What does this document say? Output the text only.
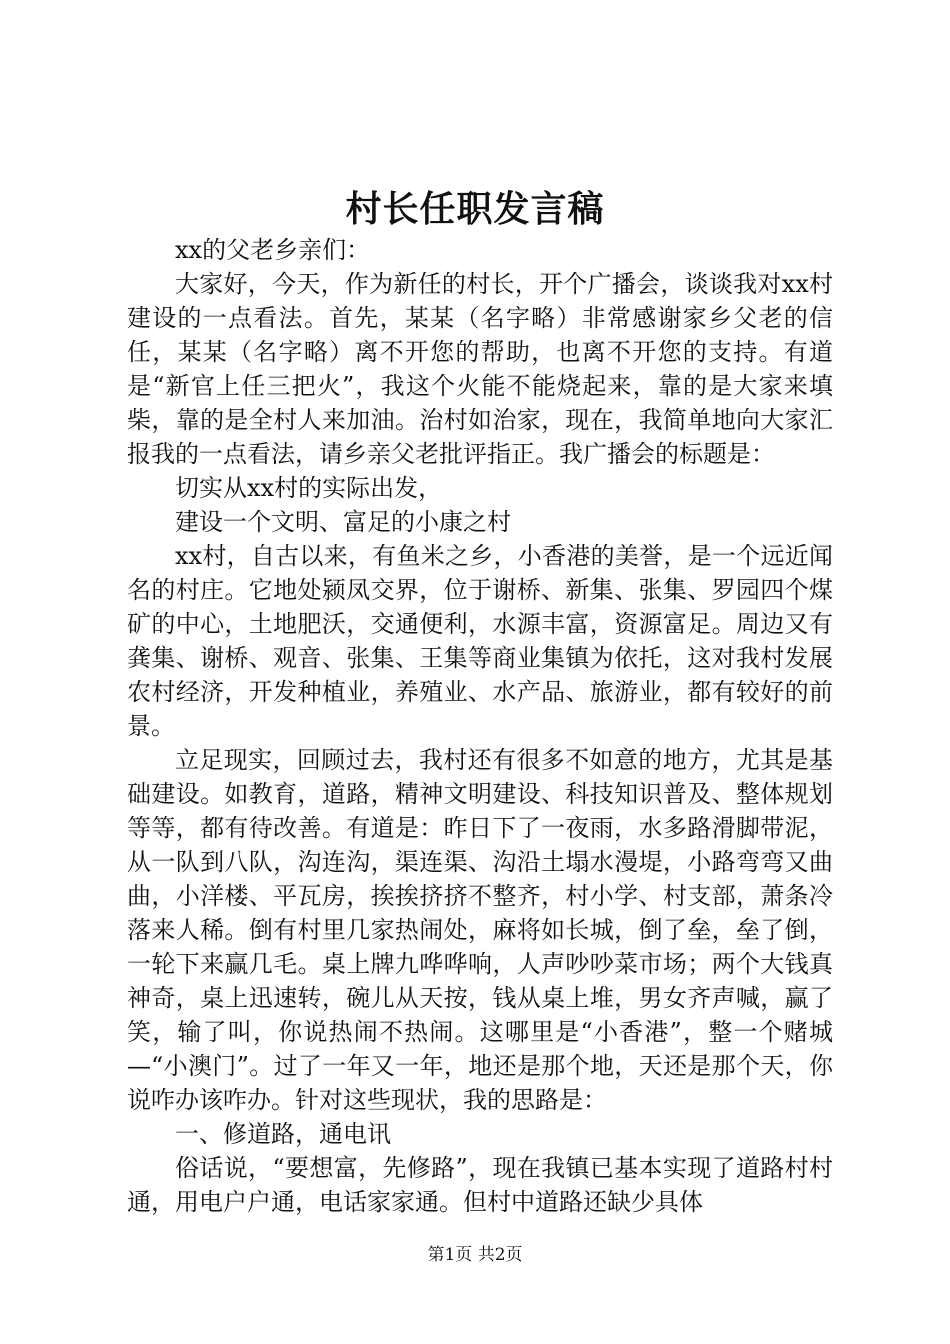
村长任职发言稿

xx的父老乡亲们：

大家好，今天，作为新任的村长，开个广播会，谈谈我对xx村建设的一点看法。首先，某某（名字略）非常感谢家乡父老的信任，某某（名字略）离不开您的帮助，也离不开您的支持。有道是“新官上任三把火”，我这个火能不能烧起来，靠的是大家来填柴，靠的是全村人来加油。治村如治家，现在，我简单地向大家汇报我的一点看法，请乡亲父老批评指正。我广播会的标题是：

切实从xx村的实际出发，

建设一个文明、富足的小康之村

xx村，自古以来，有鱼米之乡，小香港的美誉，是一个远近闻名的村庄。它地处颍凤交界，位于谢桥、新集、张集、罗园四个煤矿的中心，土地肥沃，交通便利，水源丰富，资源富足。周边又有龚集、谢桥、观音、张集、王集等商业集镇为依托，这对我村发展农村经济，开发种植业，养殖业、水产品、旅游业，都有较好的前景。

立足现实，回顾过去，我村还有很多不如意的地方，尤其是基础建设。如教育，道路，精神文明建设、科技知识普及、整体规划等等，都有待改善。有道是：昨日下了一夜雨，水多路滑脚带泥，从一队到八队，沟连沟，渠连渠、沟沿土塌水漫堤，小路弯弯又曲曲，小洋楼、平瓦房，挨挨挤挤不整齐，村小学、村支部，萧条冷落来人稀。倒有村里几家热闹处，麻将如长城，倒了垒，垒了倒，一轮下来赢几毛。桌上牌九哗哗响，人声吵吵菜市场；两个大钱真神奇，桌上迅速转，碗儿从天按，钱从桌上堆，男女齐声喊，赢了笑，输了叫，你说热闹不热闹。这哪里是“小香港”，整一个赌城—“小澳门”。过了一年又一年，地还是那个地，天还是那个天，你说咋办该咋办。针对这些现状，我的思路是：

一、修道路，通电讯

俗话说，“要想富，先修路”，现在我镇已基本实现了道路村村通，用电户户通，电话家家通。但村中道路还缺少具体

第1页 共2页
